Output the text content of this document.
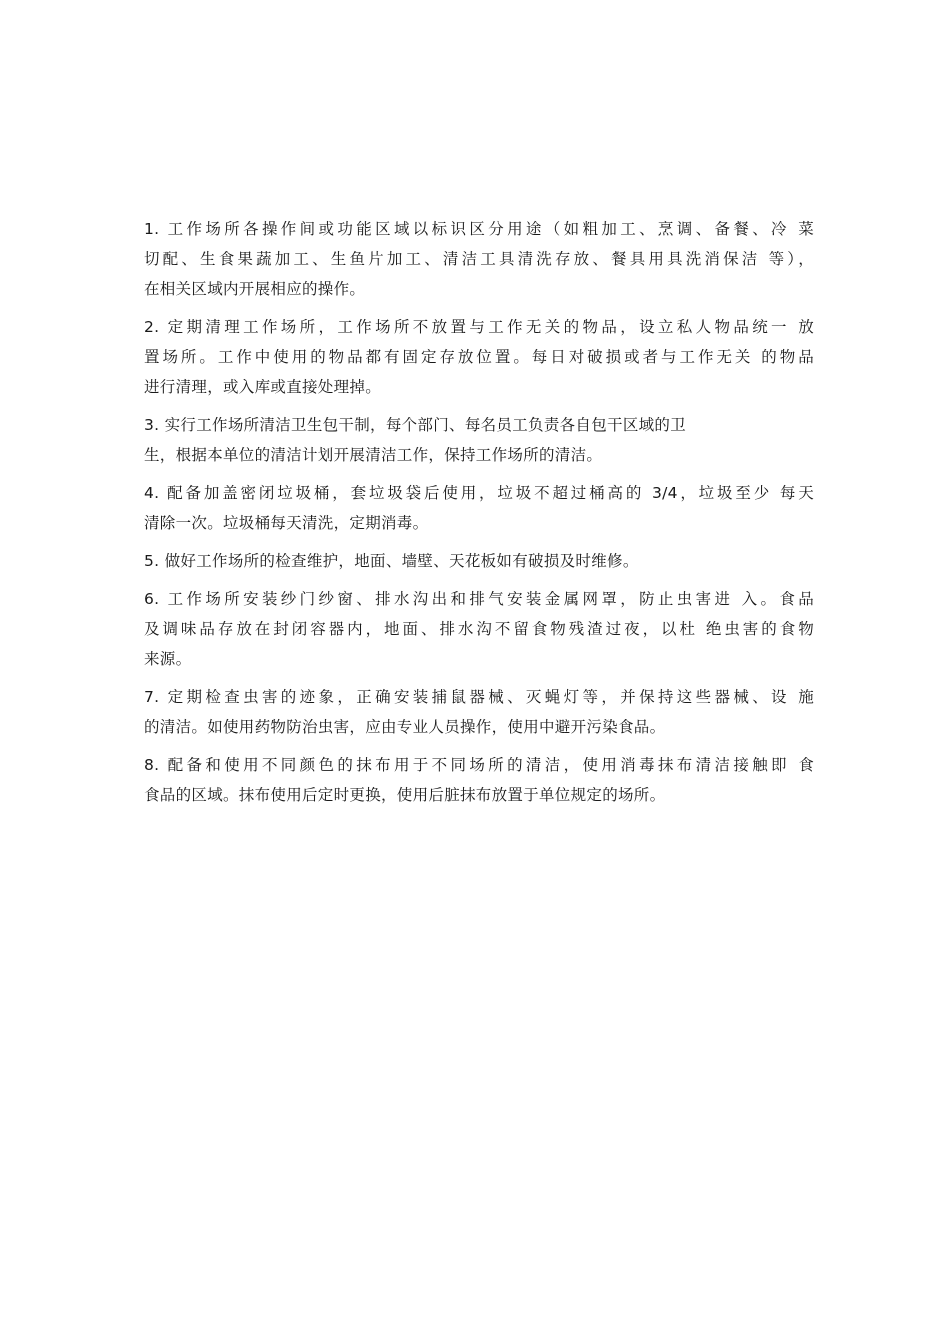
1. 工作场所各操作间或功能区域以标识区分用途（如粗加工、烹调、备餐、冷 菜
切配、生食果蔬加工、生鱼片加工、清洁工具清洗存放、餐具用具洗消保洁 等），
在相关区域内开展相应的操作。
2. 定期清理工作场所，工作场所不放置与工作无关的物品，设立私人物品统一 放
置场所。工作中使用的物品都有固定存放位置。每日对破损或者与工作无关 的物品
进行清理，或入库或直接处理掉。
3. 实行工作场所清洁卫生包干制，每个部门、每名员工负责各自包干区域的卫
生，根据本单位的清洁计划开展清洁工作，保持工作场所的清洁。
4. 配备加盖密闭垃圾桶，套垃圾袋后使用，垃圾不超过桶高的 3/4，垃圾至少 每天
清除一次。垃圾桶每天清洗，定期消毒。
5. 做好工作场所的检查维护，地面、墙壁、天花板如有破损及时维修。
6. 工作场所安装纱门纱窗、排水沟出和排气安装金属网罩，防止虫害进 入。食品
及调味品存放在封闭容器内，地面、排水沟不留食物残渣过夜，以杜 绝虫害的食物
来源。
7. 定期检查虫害的迹象，正确安装捕鼠器械、灭蝇灯等，并保持这些器械、设 施
的清洁。如使用药物防治虫害，应由专业人员操作，使用中避开污染食品。
8. 配备和使用不同颜色的抹布用于不同场所的清洁，使用消毒抹布清洁接触即 食
食品的区域。抹布使用后定时更换，使用后脏抹布放置于单位规定的场所。
